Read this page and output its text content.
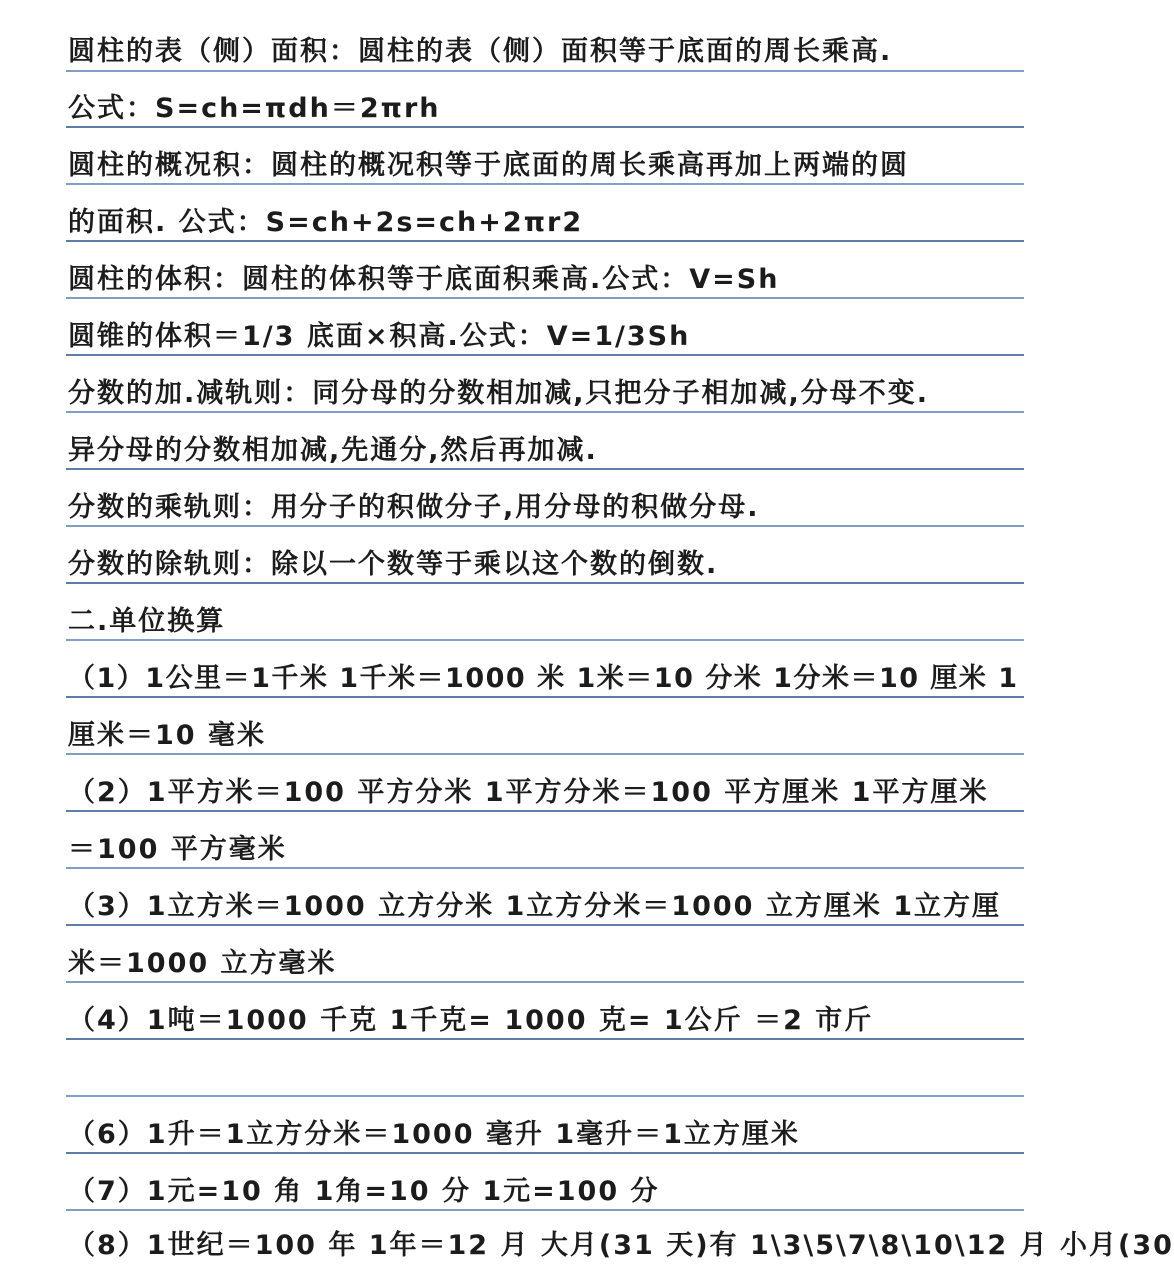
圆柱的表（侧）面积：圆柱的表（侧）面积等于底面的周长乘高.
公式：S=ch=πdh＝2πrh
圆柱的概况积：圆柱的概况积等于底面的周长乘高再加上两端的圆
的面积. 公式：S=ch+2s=ch+2πr2
圆柱的体积：圆柱的体积等于底面积乘高.公式：V=Sh
圆锥的体积＝1/3 底面×积高.公式：V=1/3Sh
分数的加.减轨则：同分母的分数相加减,只把分子相加减,分母不变.
异分母的分数相加减,先通分,然后再加减.
分数的乘轨则：用分子的积做分子,用分母的积做分母.
分数的除轨则：除以一个数等于乘以这个数的倒数.
二.单位换算
（1）1公里＝1千米 1千米＝1000 米 1米＝10 分米 1分米＝10 厘米 1
厘米＝10 毫米
（2）1平方米＝100 平方分米 1平方分米＝100 平方厘米 1平方厘米
＝100 平方毫米
（3）1立方米＝1000 立方分米 1立方分米＝1000 立方厘米 1立方厘
米＝1000 立方毫米
（4）1吨＝1000 千克 1千克= 1000 克= 1公斤 ＝2 市斤
（6）1升＝1立方分米＝1000 毫升 1毫升＝1立方厘米
（7）1元=10 角 1角=10 分 1元=100 分
（8）1世纪＝100 年 1年＝12 月 大月(31 天)有 1\3\5\7\8\10\12 月 小月(30
